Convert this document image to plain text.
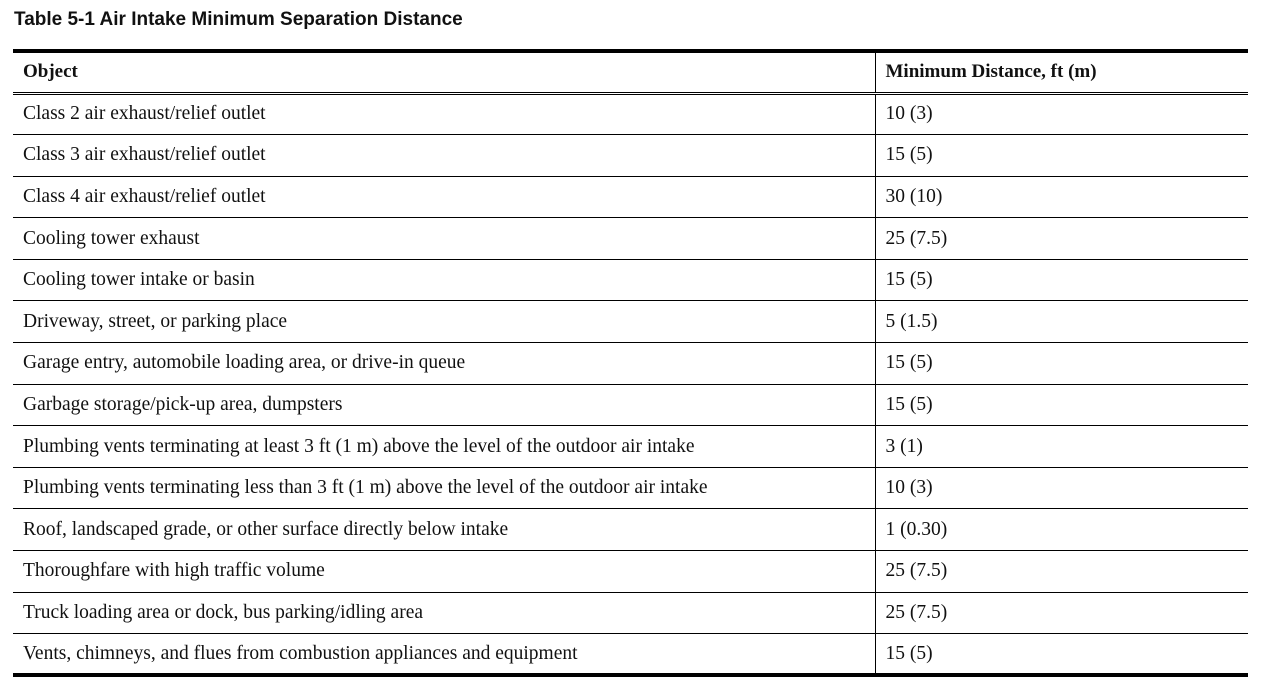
Table 5-1 Air Intake Minimum Separation Distance
Object	Minimum Distance, ft (m)
Class 2 air exhaust/relief outlet	10 (3)
Class 3 air exhaust/relief outlet	15 (5)
Class 4 air exhaust/relief outlet	30 (10)
Cooling tower exhaust	25 (7.5)
Cooling tower intake or basin	15 (5)
Driveway, street, or parking place	5 (1.5)
Garage entry, automobile loading area, or drive-in queue	15 (5)
Garbage storage/pick-up area, dumpsters	15 (5)
Plumbing vents terminating at least 3 ft (1 m) above the level of the outdoor air intake	3 (1)
Plumbing vents terminating less than 3 ft (1 m) above the level of the outdoor air intake	10 (3)
Roof, landscaped grade, or other surface directly below intake	1 (0.30)
Thoroughfare with high traffic volume	25 (7.5)
Truck loading area or dock, bus parking/idling area	25 (7.5)
Vents, chimneys, and flues from combustion appliances and equipment	15 (5)
